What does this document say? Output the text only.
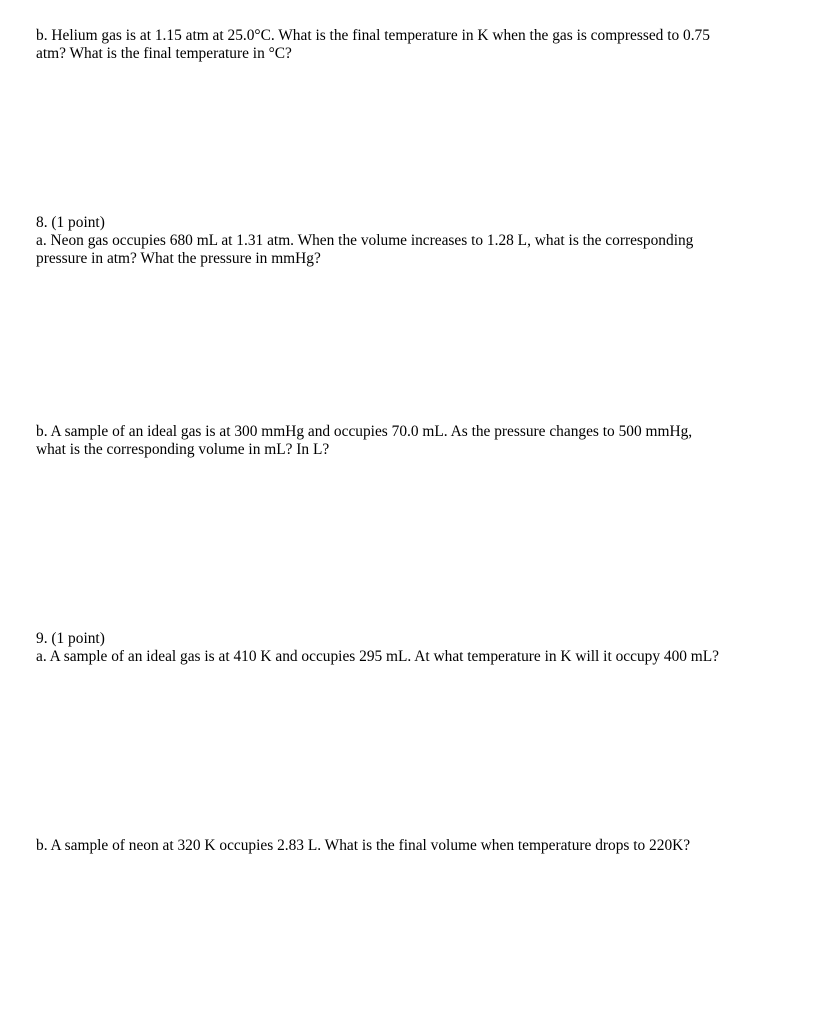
b. Helium gas is at 1.15 atm at 25.0°C. What is the final temperature in K when the gas is compressed to 0.75
atm? What is the final temperature in °C?
8. (1 point)
a. Neon gas occupies 680 mL at 1.31 atm. When the volume increases to 1.28 L, what is the corresponding
pressure in atm? What the pressure in mmHg?
b. A sample of an ideal gas is at 300 mmHg and occupies 70.0 mL. As the pressure changes to 500 mmHg,
what is the corresponding volume in mL? In L?
9. (1 point)
a. A sample of an ideal gas is at 410 K and occupies 295 mL. At what temperature in K will it occupy 400 mL?
b. A sample of neon at 320 K occupies 2.83 L. What is the final volume when temperature drops to 220K?
